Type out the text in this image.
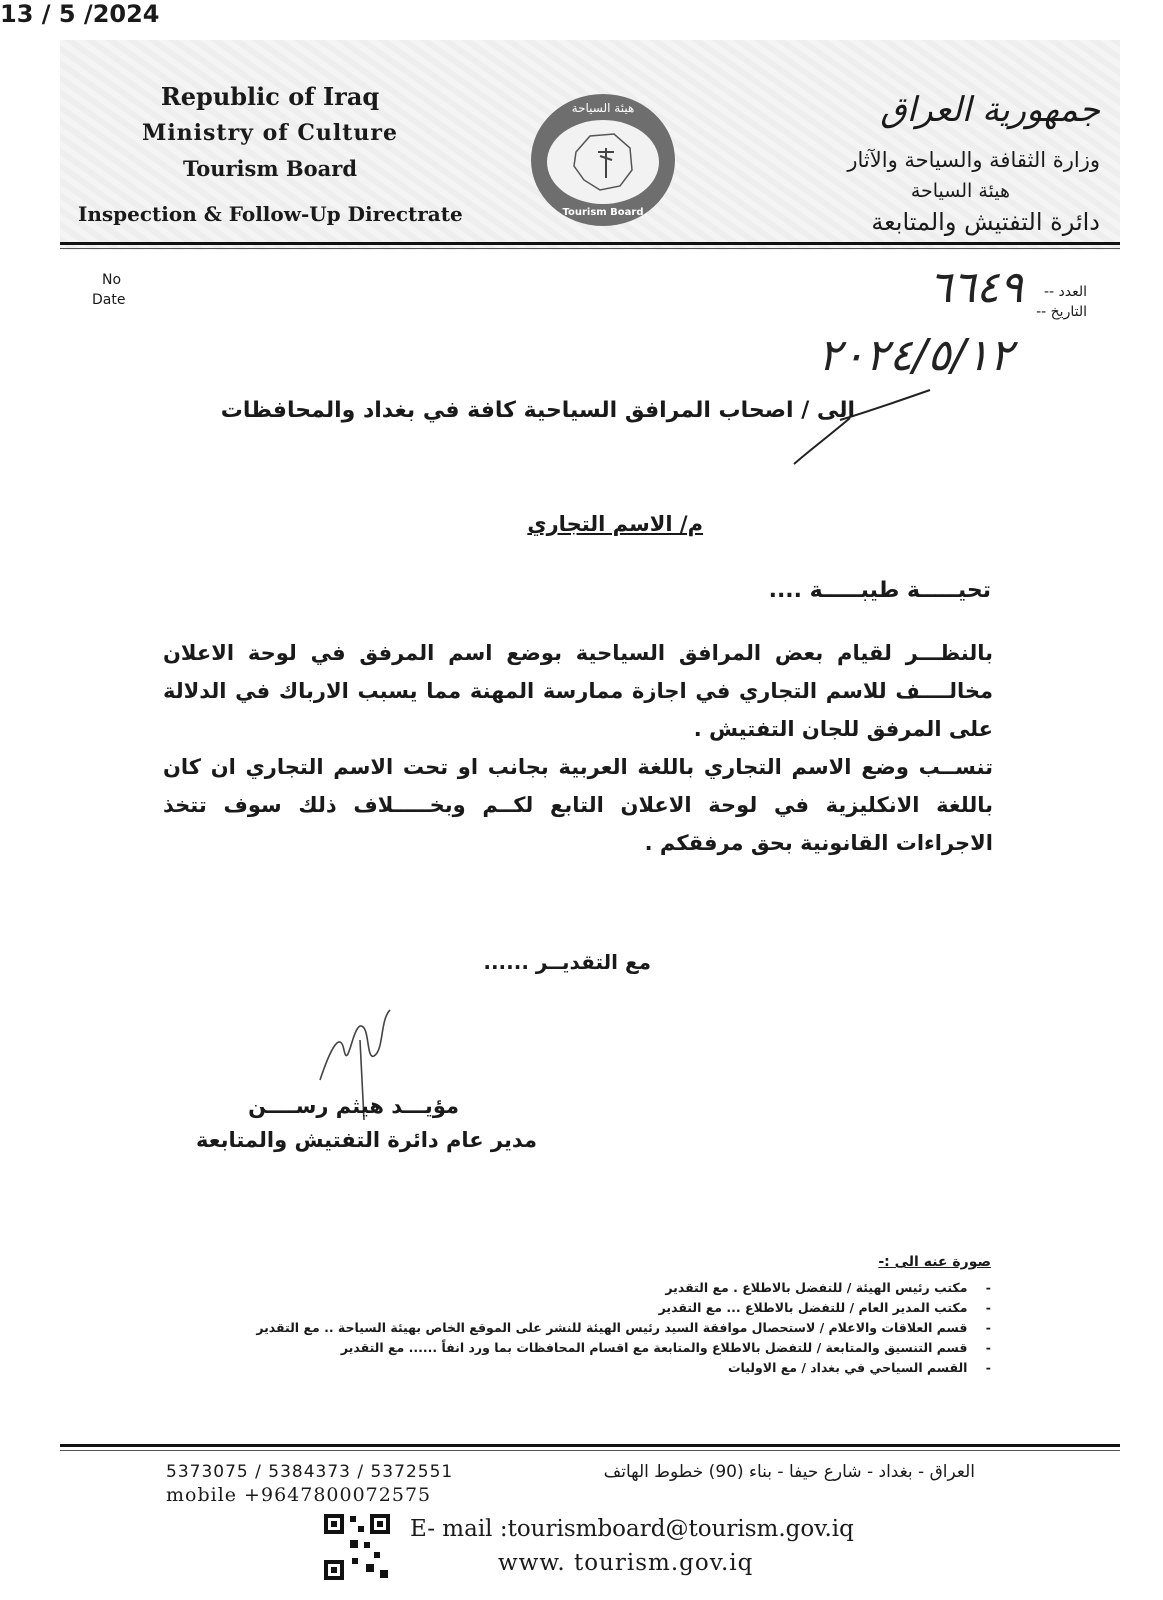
Republic of Iraq
Ministry of Culture
Tourism Board
Inspection & Follow-Up Directrate
هيئة السياحة
Tourism Board
جمهورية العراق
وزارة الثقافة والسياحة والآثار
هيئة السياحة
دائرة التفتيش والمتابعة
No
Date	العدد --
التاريخ --
٦٦٤٩
٢٠٢٤/٥/١٢
الى / اصحاب المرافق السياحية كافة في بغداد والمحافظات
م/ الاسم التجاري
تحيـــــة طيبـــــة ....

بالنظـــر لقيام بعض المرافق السياحية بوضع اسم المرفق في لوحة الاعلان مخالــــف للاسم التجاري في اجازة ممارسة المهنة مما يسبب الارباك في الدلالة على المرفق للجان التفتيش .

تنســب وضع الاسم التجاري باللغة العربية بجانب او تحت الاسم التجاري ان كان باللغة الانكليزية في لوحة الاعلان التابع لكــم وبخـــــلاف ذلك سوف تتخذ الاجراءات القانونية بحق مرفقكم .

مع التقديــر ......
مؤيـــد هيثم رســــن
مدير عام دائرة التفتيش والمتابعة
13 / 5 /2024
صورة عنه الى :-
- مكتب رئيس الهيئة / للتفضل بالاطلاع . مع التقدير
- مكتب المدير العام / للتفضل بالاطلاع ... مع التقدير
- قسم العلاقات والاعلام / لاستحصال موافقة السيد رئيس الهيئة للنشر على الموقع الخاص بهيئة السياحة .. مع التقدير
- قسم التنسيق والمتابعة / للتفضل بالاطلاع والمتابعة مع اقسام المحافظات بما ورد انفاً ...... مع التقدير
- القسم السياحي في بغداد / مع الاوليات
العراق - بغداد - شارع حيفا - بناء (90) خطوط الهاتف
5373075 / 5384373 / 5372551
mobile +9647800072575
E- mail :tourismboard@tourism.gov.iq
www. tourism.gov.iq
